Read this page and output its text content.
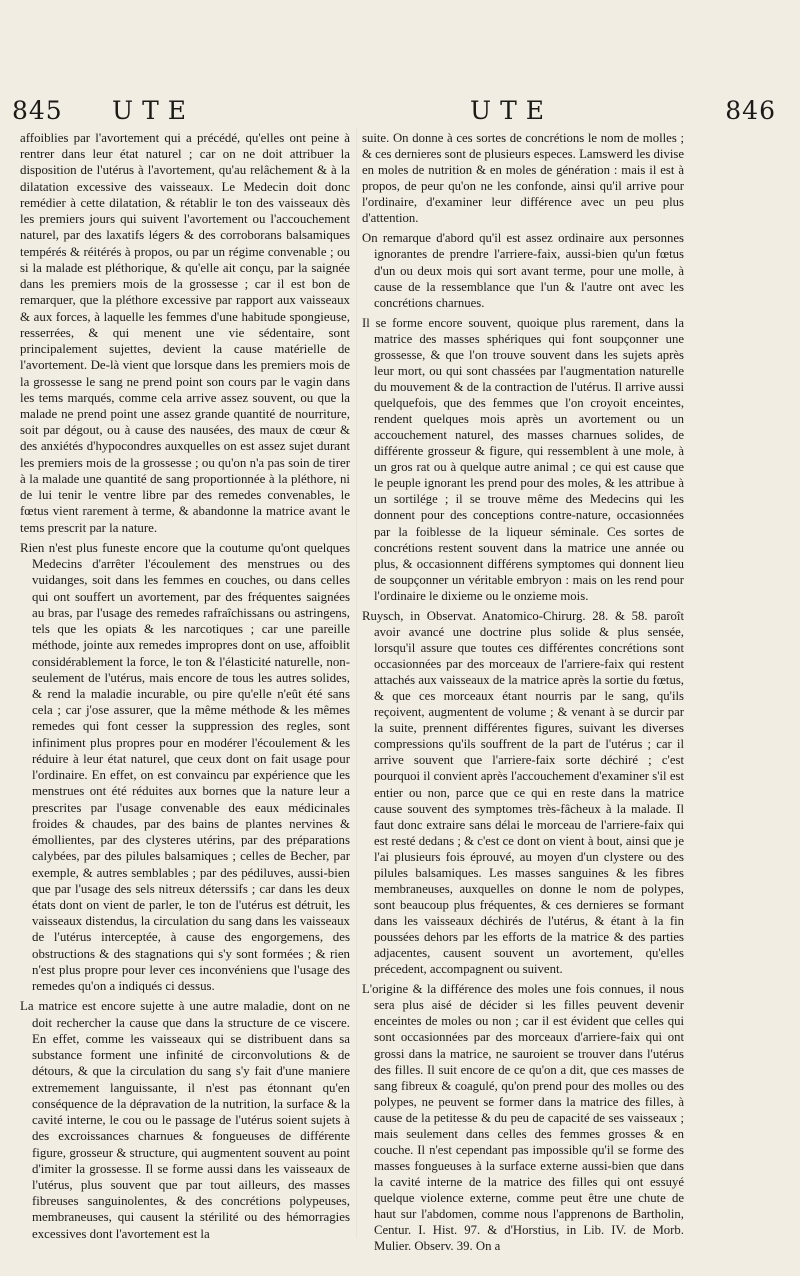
845 UTE	UTE	846

affoiblies par l'avortement qui a précédé, qu'elles ont peine à rentrer dans leur état naturel ; car on ne doit attribuer la disposition de l'utérus à l'avortement, qu'au relâchement & à la dilatation excessive des vaisseaux. Le Medecin doit donc remédier à cette dilatation, & rétablir le ton des vaisseaux dès les premiers jours qui suivent l'avortement ou l'accouchement naturel, par des laxatifs légers & des corroborans balsamiques tempérés & réitérés à propos, ou par un régime convenable ; ou si la malade est pléthorique, & qu'elle ait conçu, par la saignée dans les premiers mois de la grossesse ; car il est bon de remarquer, que la pléthore excessive par rapport aux vaisseaux & aux forces, à laquelle les femmes d'une habitude spongieuse, resserrées, & qui menent une vie sédentaire, sont principalement sujettes, devient la cause matérielle de l'avortement. De-là vient que lorsque dans les premiers mois de la grossesse le sang ne prend point son cours par le vagin dans les tems marqués, comme cela arrive assez souvent, ou que la malade ne prend point une assez grande quantité de nourriture, soit par dégout, ou à cause des nausées, des maux de cœur & des anxiétés d'hypocondres auxquelles on est assez sujet durant les premiers mois de la grossesse ; ou qu'on n'a pas soin de tirer à la malade une quantité de sang proportionnée à la pléthore, ni de lui tenir le ventre libre par des remedes convenables, le fœtus vient rarement à terme, & abandonne la matrice avant le tems prescrit par la nature.

Rien n'est plus funeste encore que la coutume qu'ont quelques Medecins d'arrêter l'écoulement des menstrues ou des vuidanges, soit dans les femmes en couches, ou dans celles qui ont souffert un avortement, par des fréquentes saignées au bras, par l'usage des remedes rafraîchissans ou astringens, tels que les opiats & les narcotiques ; car une pareille méthode, jointe aux remedes impropres dont on use, affoiblit considérablement la force, le ton & l'élasticité naturelle, non-seulement de l'utérus, mais encore de tous les autres solides, & rend la maladie incurable, ou pire qu'elle n'eût été sans cela ; car j'ose assurer, que la même méthode & les mêmes remedes qui font cesser la suppression des regles, sont infiniment plus propres pour en modérer l'écoulement & les réduire à leur état naturel, que ceux dont on fait usage pour l'ordinaire. En effet, on est convaincu par expérience que les menstrues ont été réduites aux bornes que la nature leur a prescrites par l'usage convenable des eaux médicinales froides & chaudes, par des bains de plantes nervines & émollientes, par des clysteres utérins, par des préparations calybées, par des pilules balsamiques ; celles de Becher, par exemple, & autres semblables ; par des pédiluves, aussi-bien que par l'usage des sels nitreux déterssifs ; car dans les deux états dont on vient de parler, le ton de l'utérus est détruit, les vaisseaux distendus, la circulation du sang dans les vaisseaux de l'utérus interceptée, à cause des engorgemens, des obstructions & des stagnations qui s'y sont formées ; & rien n'est plus propre pour lever ces inconvéniens que l'usage des remedes qu'on a indiqués ci dessus.

La matrice est encore sujette à une autre maladie, dont on ne doit rechercher la cause que dans la structure de ce viscere. En effet, comme les vaisseaux qui se distribuent dans sa substance forment une infinité de circonvolutions & de détours, & que la circulation du sang s'y fait d'une maniere extremement languissante, il n'est pas étonnant qu'en conséquence de la dépravation de la nutrition, la surface & la cavité interne, le cou ou le passage de l'utérus soient sujets à des excroissances charnues & fongueuses de différente figure, grosseur & structure, qui augmentent souvent au point d'imiter la grossesse. Il se forme aussi dans les vaisseaux de l'utérus, plus souvent que par tout ailleurs, des masses fibreuses sanguinolentes, & des concrétions polypeuses, membraneuses, qui causent la stérilité ou des hémorragies excessives dont l'avortement est la

suite. On donne à ces sortes de concrétions le nom de molles ; & ces dernieres sont de plusieurs especes. Lamswerd les divise en moles de nutrition & en moles de génération : mais il est à propos, de peur qu'on ne les confonde, ainsi qu'il arrive pour l'ordinaire, d'examiner leur différence avec un peu plus d'attention.

On remarque d'abord qu'il est assez ordinaire aux personnes ignorantes de prendre l'arriere-faix, aussi-bien qu'un fœtus d'un ou deux mois qui sort avant terme, pour une molle, à cause de la ressemblance que l'un & l'autre ont avec les concrétions charnues.

Il se forme encore souvent, quoique plus rarement, dans la matrice des masses sphériques qui font soupçonner une grossesse, & que l'on trouve souvent dans les sujets après leur mort, ou qui sont chassées par l'augmentation naturelle du mouvement & de la contraction de l'utérus. Il arrive aussi quelquefois, que des femmes que l'on croyoit enceintes, rendent quelques mois après un avortement ou un accouchement naturel, des masses charnues solides, de différente grosseur & figure, qui ressemblent à une mole, à un gros rat ou à quelque autre animal ; ce qui est cause que le peuple ignorant les prend pour des moles, & les attribue à un sortilége ; il se trouve même des Medecins qui les donnent pour des conceptions contre-nature, occasionnées par la foiblesse de la liqueur séminale. Ces sortes de concrétions restent souvent dans la matrice une année ou plus, & occasionnent différens symptomes qui donnent lieu de soupçonner un véritable embryon : mais on les rend pour l'ordinaire le dixieme ou le onzieme mois.

Ruysch, in Observat. Anatomico-Chirurg. 28. & 58. paroît avoir avancé une doctrine plus solide & plus sensée, lorsqu'il assure que toutes ces différentes concrétions sont occasionnées par des morceaux de l'arriere-faix qui restent attachés aux vaisseaux de la matrice après la sortie du fœtus, & que ces morceaux étant nourris par le sang, qu'ils reçoivent, augmentent de volume ; & venant à se durcir par la suite, prennent différentes figures, suivant les diverses compressions qu'ils souffrent de la part de l'utérus ; car il arrive souvent que l'arriere-faix sorte déchiré ; c'est pourquoi il convient après l'accouchement d'examiner s'il est entier ou non, parce que ce qui en reste dans la matrice cause souvent des symptomes très-fâcheux à la malade. Il faut donc extraire sans délai le morceau de l'arriere-faix qui est resté dedans ; & c'est ce dont on vient à bout, ainsi que je l'ai plusieurs fois éprouvé, au moyen d'un clystere ou des pilules balsamiques. Les masses sanguines & les fibres membraneuses, auxquelles on donne le nom de polypes, sont beaucoup plus fréquentes, & ces dernieres se formant dans les vaisseaux déchirés de l'utérus, & étant à la fin poussées dehors par les efforts de la matrice & des parties adjacentes, causent souvent un avortement, qu'elles précedent, accompagnent ou suivent.

L'origine & la différence des moles une fois connues, il nous sera plus aisé de décider si les filles peuvent devenir enceintes de moles ou non ; car il est évident que celles qui sont occasionnées par des morceaux d'arriere-faix qui ont grossi dans la matrice, ne sauroient se trouver dans l'utérus des filles. Il suit encore de ce qu'on a dit, que ces masses de sang fibreux & coagulé, qu'on prend pour des molles ou des polypes, ne peuvent se former dans la matrice des filles, à cause de la petitesse & du peu de capacité de ses vaisseaux ; mais seulement dans celles des femmes grosses & en couche. Il n'est cependant pas impossible qu'il se forme des masses fongueuses à la surface externe aussi-bien que dans la cavité interne de la matrice des filles qui ont essuyé quelque violence externe, comme peut être une chute de haut sur l'abdomen, comme nous l'apprenons de Bartholin, Centur. I. Hist. 97. & d'Horstius, in Lib. IV. de Morb. Mulier. Observ. 39. On a
